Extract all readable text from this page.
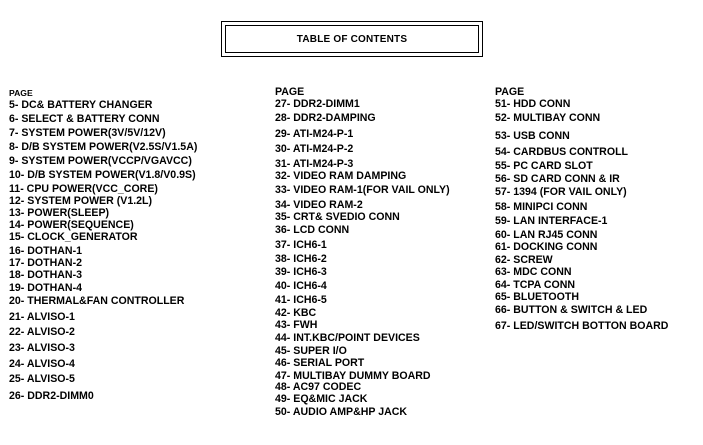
TABLE OF CONTENTS
PAGE
5- DC& BATTERY CHANGER
6- SELECT & BATTERY CONN
7- SYSTEM POWER(3V/5V/12V)
8- D/B SYSTEM POWER(V2.5S/V1.5A)
9- SYSTEM POWER(VCCP/VGAVCC)
10- D/B SYSTEM POWER(V1.8/V0.9S)
11- CPU POWER(VCC_CORE)
12- SYSTEM POWER (V1.2L)
13- POWER(SLEEP)
14- POWER(SEQUENCE)
15- CLOCK_GENERATOR
16- DOTHAN-1
17- DOTHAN-2
18- DOTHAN-3
19- DOTHAN-4
20- THERMAL&FAN CONTROLLER
21- ALVISO-1
22- ALVISO-2
23- ALVISO-3
24- ALVISO-4
25- ALVISO-5
26- DDR2-DIMM0
PAGE
27- DDR2-DIMM1
28- DDR2-DAMPING
29- ATI-M24-P-1
30- ATI-M24-P-2
31- ATI-M24-P-3
32- VIDEO RAM DAMPING
33- VIDEO RAM-1(FOR VAIL ONLY)
34- VIDEO RAM-2
35- CRT& SVEDIO CONN
36- LCD CONN
37- ICH6-1
38- ICH6-2
39- ICH6-3
40- ICH6-4
41- ICH6-5
42- KBC
43- FWH
44- INT.KBC/POINT DEVICES
45- SUPER I/O
46- SERIAL PORT
47- MULTIBAY DUMMY BOARD
48- AC97 CODEC
49- EQ&MIC JACK
50- AUDIO AMP&HP JACK
PAGE
51- HDD CONN
52- MULTIBAY CONN
53- USB CONN
54- CARDBUS CONTROLL
55- PC CARD SLOT
56- SD CARD CONN & IR
57- 1394 (FOR VAIL ONLY)
58- MINIPCI CONN
59- LAN INTERFACE-1
60- LAN RJ45 CONN
61- DOCKING CONN
62- SCREW
63- MDC CONN
64- TCPA CONN
65- BLUETOOTH
66- BUTTON & SWITCH & LED
67- LED/SWITCH BOTTON BOARD
